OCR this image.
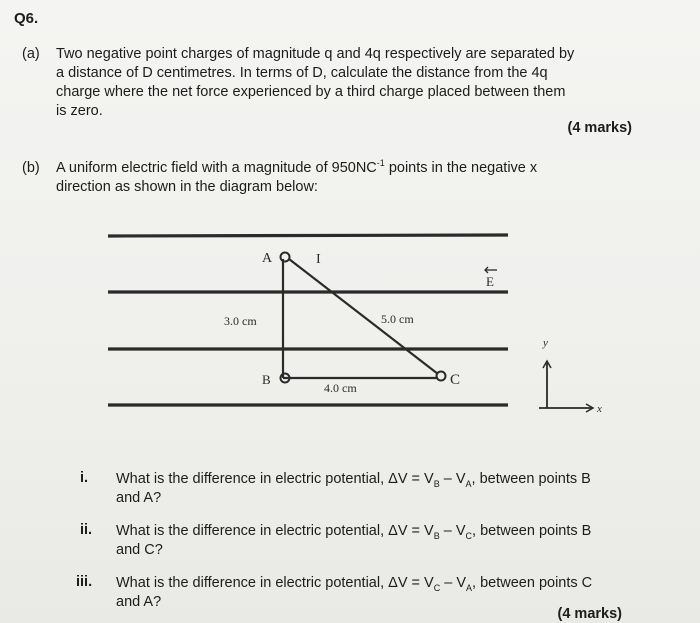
Q6.
(a)	Two negative point charges of magnitude q and 4q respectively are separated by
a distance of D centimetres. In terms of D, calculate the distance from the 4q
charge where the net force experienced by a third charge placed between them
is zero.
(4 marks)
(b)	A uniform electric field with a magnitude of $950NC^{-1}$ points in the negative x
direction as shown in the diagram below:
A
B	C
I
3.0 cm	5.0 cm
4.0 cm
E
y
x
i. What is the difference in electric potential, $\Delta V = V_B - V_A$, between points B
and A?
ii. What is the difference in electric potential, $\Delta V = V_B - V_C$, between points B
and C?
iii. What is the difference in electric potential, $\Delta V = V_C - V_A$, between points C
and A?
(4 marks)
